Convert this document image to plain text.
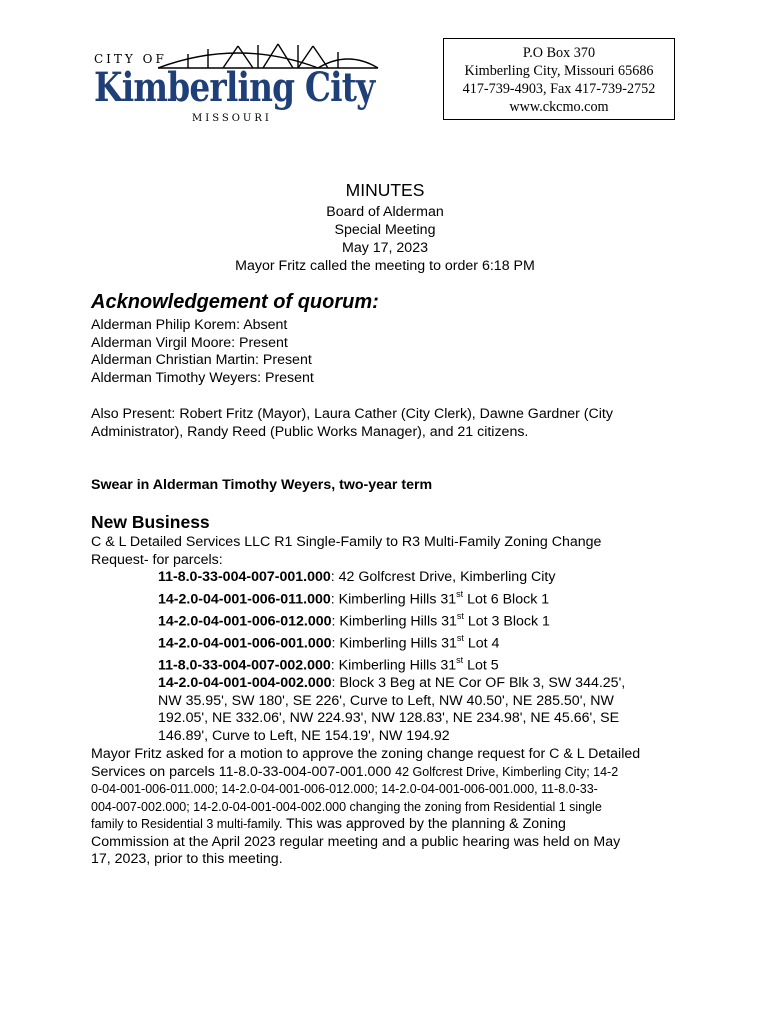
CITY OF
Kimberling City
MISSOURI
P.O Box 370
Kimberling City, Missouri 65686
417-739-4903, Fax 417-739-2752
www.ckcmo.com
MINUTES
Board of Alderman
Special Meeting
May 17, 2023
Mayor Fritz called the meeting to order 6:18 PM
Acknowledgement of quorum:
Alderman Philip Korem: Absent
Alderman Virgil Moore: Present
Alderman Christian Martin: Present
Alderman Timothy Weyers: Present
Also Present: Robert Fritz (Mayor), Laura Cather (City Clerk), Dawne Gardner (City
Administrator), Randy Reed (Public Works Manager), and 21 citizens.
Swear in Alderman Timothy Weyers, two-year term
New Business
C & L Detailed Services LLC R1 Single-Family to R3 Multi-Family Zoning Change
Request- for parcels:
11-8.0-33-004-007-001.000: 42 Golfcrest Drive, Kimberling City
14-2.0-04-001-006-011.000: Kimberling Hills 31st Lot 6 Block 1
14-2.0-04-001-006-012.000: Kimberling Hills 31st Lot 3 Block 1
14-2.0-04-001-006-001.000: Kimberling Hills 31st Lot 4
11-8.0-33-004-007-002.000: Kimberling Hills 31st Lot 5
14-2.0-04-001-004-002.000: Block 3 Beg at NE Cor OF Blk 3, SW 344.25',
NW 35.95', SW 180', SE 226', Curve to Left, NW 40.50', NE 285.50', NW
192.05', NE 332.06', NW 224.93', NW 128.83', NE 234.98', NE 45.66', SE
146.89', Curve to Left, NE 154.19', NW 194.92
Mayor Fritz asked for a motion to approve the zoning change request for C & L Detailed
Services on parcels 11-8.0-33-004-007-001.000 42 Golfcrest Drive, Kimberling City; 14-2
0-04-001-006-011.000; 14-2.0-04-001-006-012.000; 14-2.0-04-001-006-001.000, 11-8.0-33-
004-007-002.000; 14-2.0-04-001-004-002.000 changing the zoning from Residential 1 single
family to Residential 3 multi-family. This was approved by the planning & Zoning
Commission at the April 2023 regular meeting and a public hearing was held on May
17, 2023, prior to this meeting.
